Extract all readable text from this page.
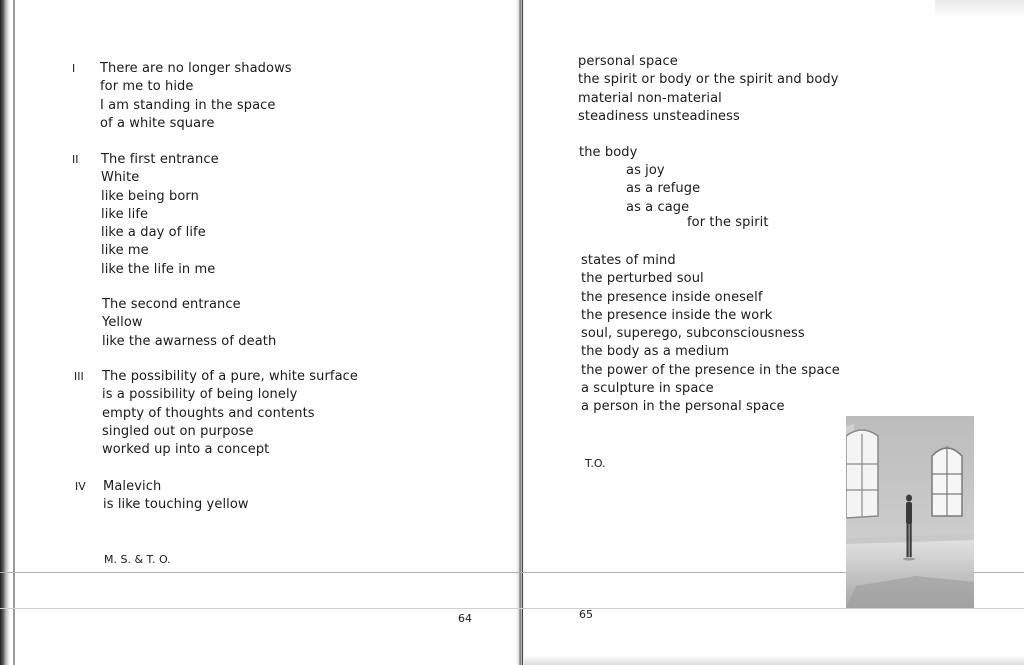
I There are no longer shadows
for me to hide
I am standing in the space
of a white square
II The first entrance
White
like being born
like life
like a day of life
like me
like the life in me
The second entrance
Yellow
like the awarness of death
III The possibility of a pure, white surface
is a possibility of being lonely
empty of thoughts and contents
singled out on purpose
worked up into a concept
IV Malevich
is like touching yellow
M. S. & T. O.
64
personal space
the spirit or body or the spirit and body
material non-material
steadiness unsteadiness
the body
as joy
as a refuge
as a cage
for the spirit
states of mind
the perturbed soul
the presence inside oneself
the presence inside the work
soul, superego, subconsciousness
the body as a medium
the power of the presence in the space
a sculpture in space
a person in the personal space
T.O.
65
